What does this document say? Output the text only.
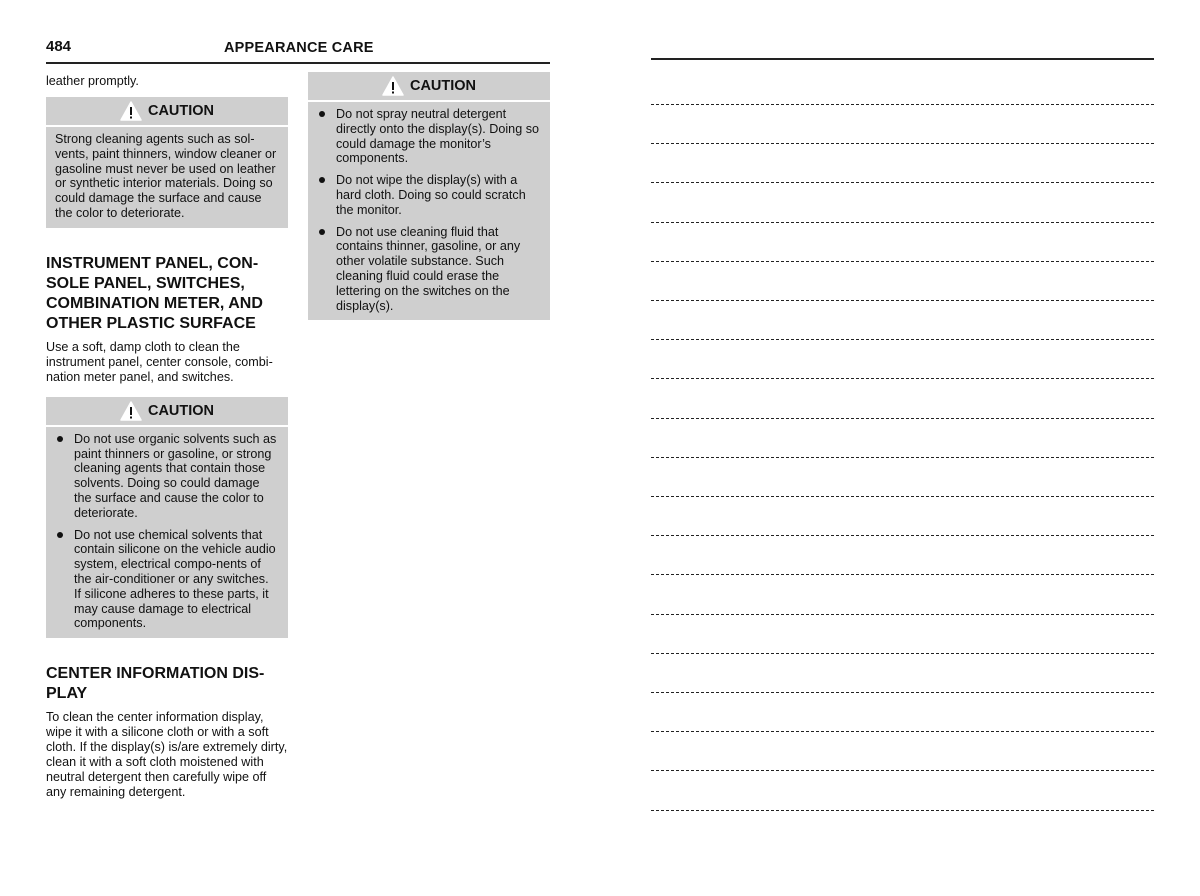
484	APPEARANCE CARE

leather promptly.

CAUTION

Strong cleaning agents such as sol-vents, paint thinners, window cleaner or gasoline must never be used on leather or synthetic interior materials. Doing so could damage the surface and cause the color to deteriorate.

INSTRUMENT PANEL, CON-SOLE PANEL, SWITCHES, COMBINATION METER, AND OTHER PLASTIC SURFACE

Use a soft, damp cloth to clean the instrument panel, center console, combi-nation meter panel, and switches.

CAUTION
Do not use organic solvents such as paint thinners or gasoline, or strong cleaning agents that contain those solvents. Doing so could damage the surface and cause the color to deteriorate.
Do not use chemical solvents that contain silicone on the vehicle audio system, electrical compo-nents of the air-conditioner or any switches. If silicone adheres to these parts, it may cause damage to electrical components.
CENTER INFORMATION DIS-PLAY

To clean the center information display, wipe it with a silicone cloth or with a soft cloth. If the display(s) is/are extremely dirty, clean it with a soft cloth moistened with neutral detergent then carefully wipe off any remaining detergent.

CAUTION
Do not spray neutral detergent directly onto the display(s). Doing so could damage the monitor’s components.
Do not wipe the display(s) with a hard cloth. Doing so could scratch the monitor.
Do not use cleaning fluid that contains thinner, gasoline, or any other volatile substance. Such cleaning fluid could erase the lettering on the switches on the display(s).
